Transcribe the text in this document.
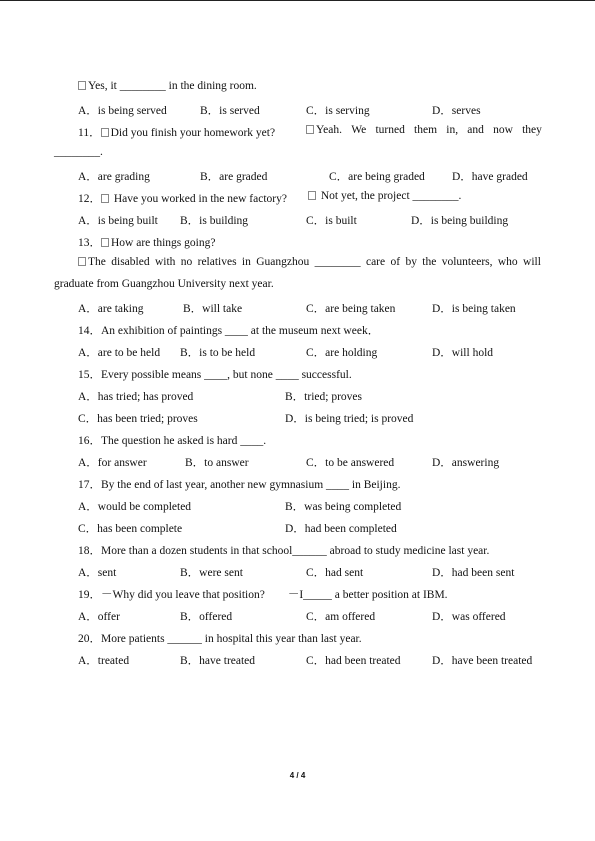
Yes, it ________ in the dining room.
A．is being served	B．is served	C．is serving	D．serves
11． Did you finish your homework yet?	Yeah. We turned them in, and now they
________.
A．are grading	B．are graded	C．are being graded D．have graded
12． Have you worked in the new factory?	Not yet, the project ________.
A．is being built B．is building	C．is built	D．is being building
13． How are things going?
The disabled with no relatives in Guangzhou ________ care of by the volunteers, who will
graduate from Guangzhou University next year.
A．are taking	B．will take	C．are being taken	D．is being taken
14．An exhibition of paintings ____ at the museum next week．
A．are to be held B．is to be held	C．are holding	D．will hold
15．Every possible means ____, but none ____ successful.
A．has tried; has proved	B．tried; proves
C．has been tried; proves	D．is being tried; is proved
16．The question he asked is hard ____.
A．for answer	B．to answer	C．to be answered	D．answering
17．By the end of last year, another new gymnasium ____ in Beijing.
A．would be completed	B．was being completed
C．has been complete	D．had been completed
18．More than a dozen students in that school______ abroad to study medicine last year.
A．sent	B．were sent	C．had sent	D．had been sent
19．－Why did you leave that position?　　－I_____ a better position at IBM.
A．offer	B．offered	C．am offered	D．was offered
20．More patients ______ in hospital this year than last year.
A．treated	B．have treated	C．had been treated	D．have been treated
4 / 4
